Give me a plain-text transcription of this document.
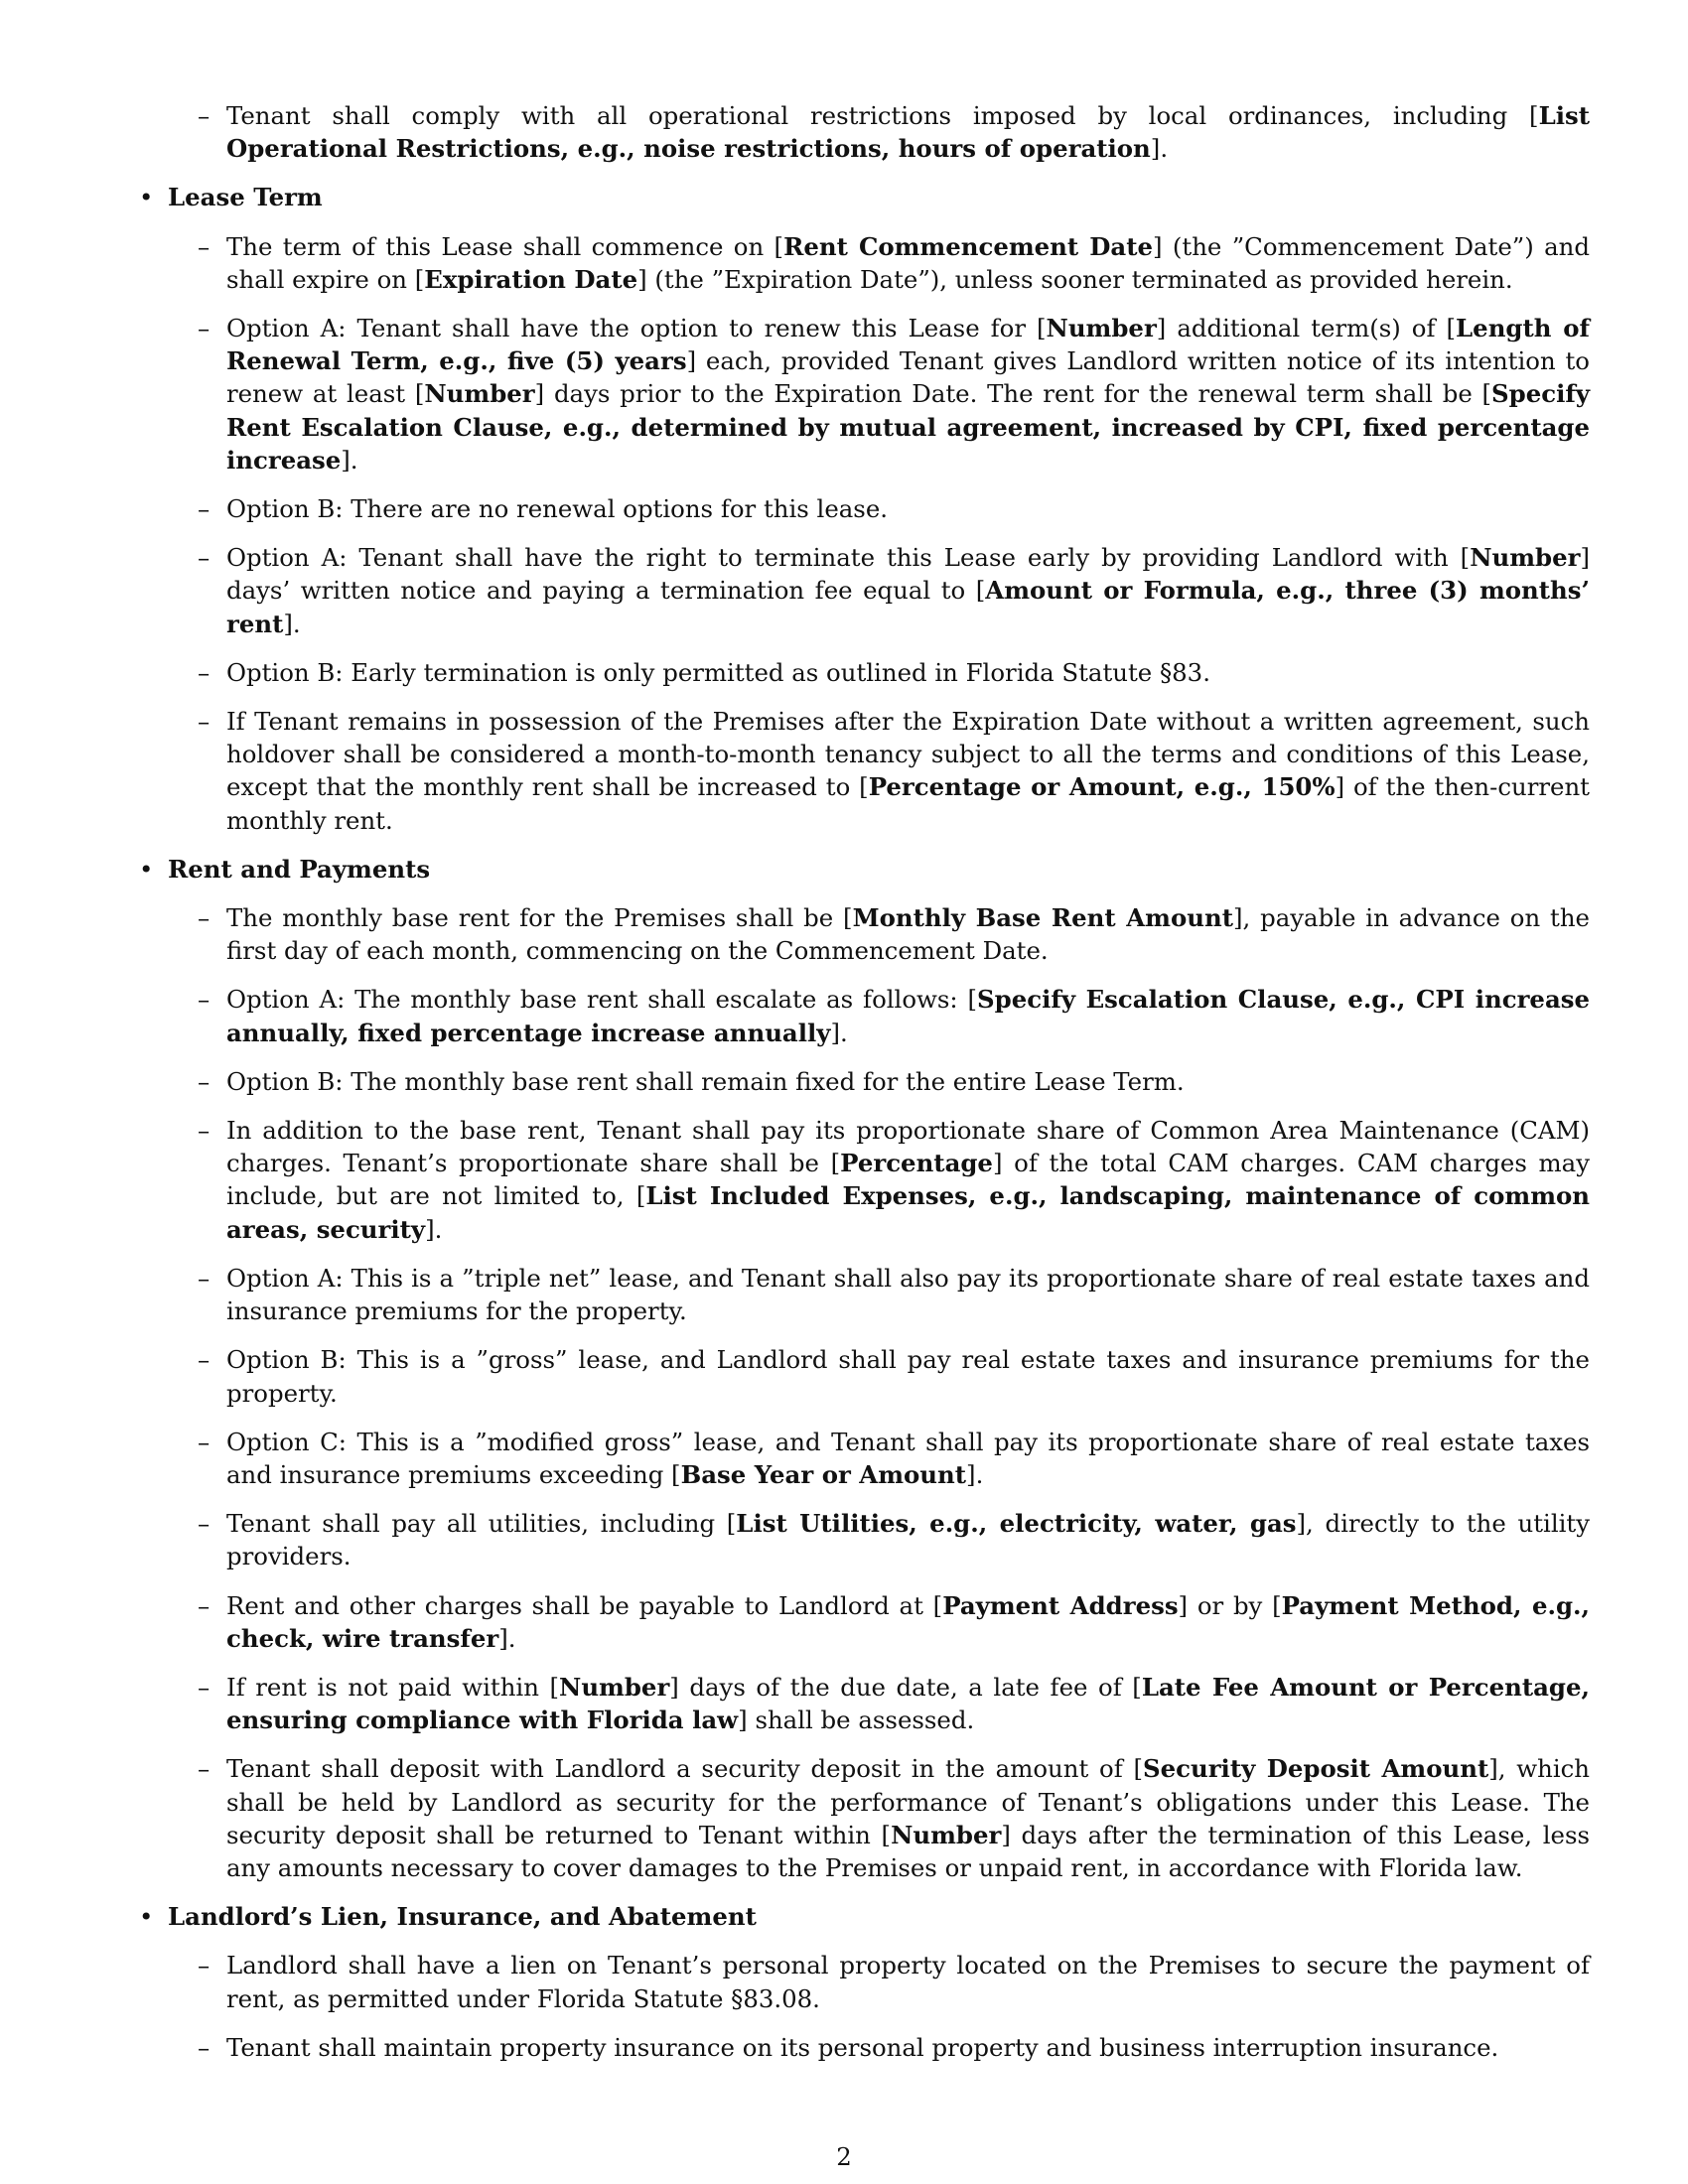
– Tenant shall comply with all operational restrictions imposed by local ordinances, including [List Operational Restrictions, e.g., noise restrictions, hours of operation].
• Lease Term
– The term of this Lease shall commence on [Rent Commencement Date] (the ”Commencement Date”) and shall expire on [Expiration Date] (the ”Expiration Date”), unless sooner terminated as provided herein.
– Option A: Tenant shall have the option to renew this Lease for [Number] additional term(s) of [Length of Renewal Term, e.g., five (5) years] each, provided Tenant gives Landlord written notice of its intention to renew at least [Number] days prior to the Expiration Date. The rent for the renewal term shall be [Specify Rent Escalation Clause, e.g., determined by mutual agreement, increased by CPI, fixed percentage increase].
– Option B: There are no renewal options for this lease.
– Option A: Tenant shall have the right to terminate this Lease early by providing Landlord with [Number] days’ written notice and paying a termination fee equal to [Amount or Formula, e.g., three (3) months’ rent].
– Option B: Early termination is only permitted as outlined in Florida Statute §83.
– If Tenant remains in possession of the Premises after the Expiration Date without a written agreement, such holdover shall be considered a month-to-month tenancy subject to all the terms and conditions of this Lease, except that the monthly rent shall be increased to [Percentage or Amount, e.g., 150%] of the then-current monthly rent.
• Rent and Payments
– The monthly base rent for the Premises shall be [Monthly Base Rent Amount], payable in advance on the first day of each month, commencing on the Commencement Date.
– Option A: The monthly base rent shall escalate as follows: [Specify Escalation Clause, e.g., CPI increase annually, fixed percentage increase annually].
– Option B: The monthly base rent shall remain fixed for the entire Lease Term.
– In addition to the base rent, Tenant shall pay its proportionate share of Common Area Maintenance (CAM) charges. Tenant’s proportionate share shall be [Percentage] of the total CAM charges. CAM charges may include, but are not limited to, [List Included Expenses, e.g., landscaping, maintenance of common areas, security].
– Option A: This is a ”triple net” lease, and Tenant shall also pay its proportionate share of real estate taxes and insurance premiums for the property.
– Option B: This is a ”gross” lease, and Landlord shall pay real estate taxes and insurance premiums for the property.
– Option C: This is a ”modified gross” lease, and Tenant shall pay its proportionate share of real estate taxes and insurance premiums exceeding [Base Year or Amount].
– Tenant shall pay all utilities, including [List Utilities, e.g., electricity, water, gas], directly to the utility providers.
– Rent and other charges shall be payable to Landlord at [Payment Address] or by [Payment Method, e.g., check, wire transfer].
– If rent is not paid within [Number] days of the due date, a late fee of [Late Fee Amount or Percentage, ensuring compliance with Florida law] shall be assessed.
– Tenant shall deposit with Landlord a security deposit in the amount of [Security Deposit Amount], which shall be held by Landlord as security for the performance of Tenant’s obligations under this Lease. The security deposit shall be returned to Tenant within [Number] days after the termination of this Lease, less any amounts necessary to cover damages to the Premises or unpaid rent, in accordance with Florida law.
• Landlord’s Lien, Insurance, and Abatement
– Landlord shall have a lien on Tenant’s personal property located on the Premises to secure the payment of rent, as permitted under Florida Statute §83.08.
– Tenant shall maintain property insurance on its personal property and business interruption insurance.
2
